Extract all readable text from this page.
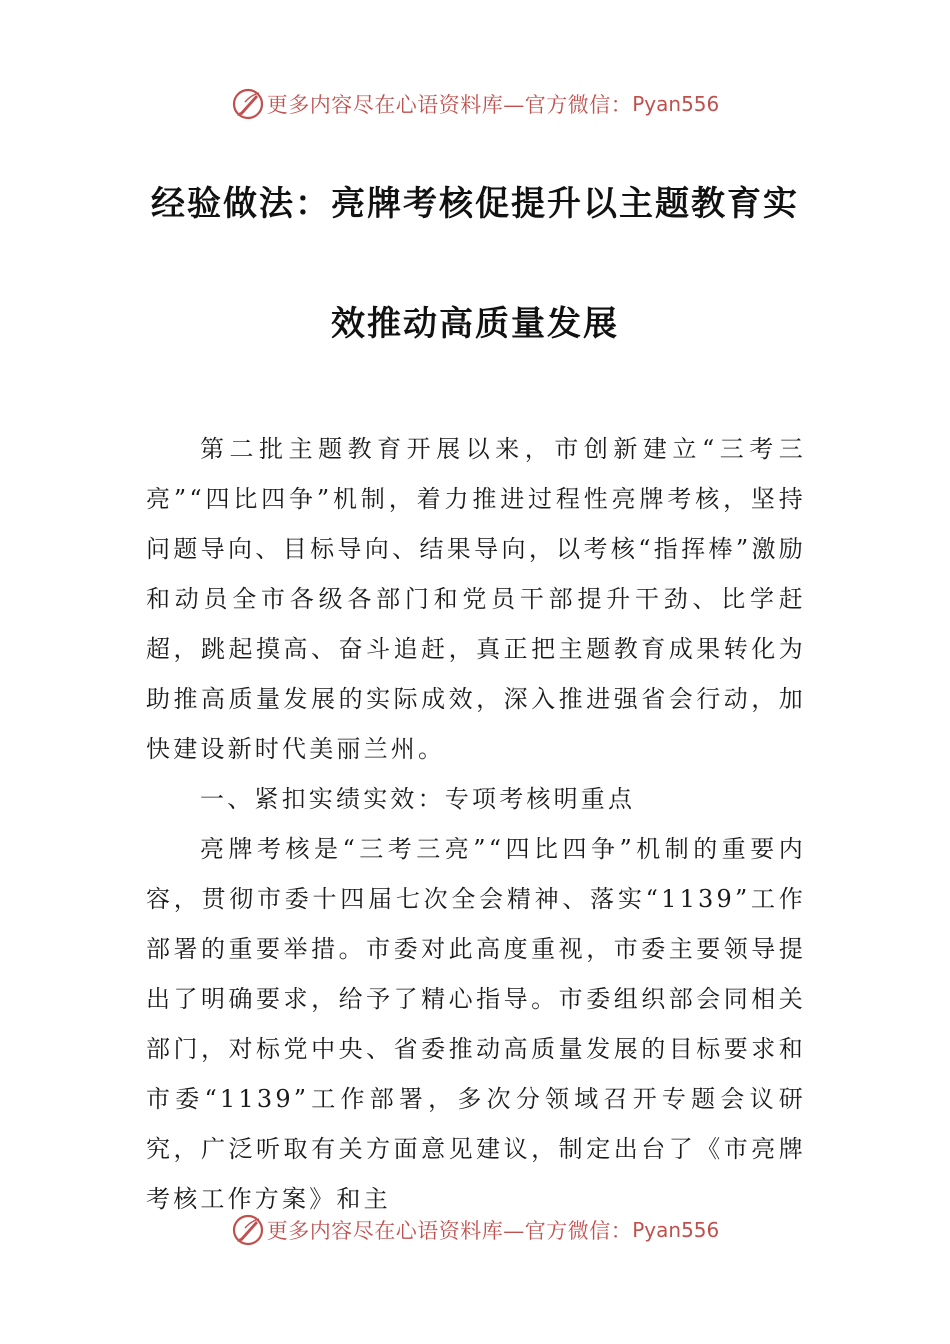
更多内容尽在心语资料库—官方微信： Pyan556
经验做法：亮牌考核促提升以主题教育实
效推动高质量发展

第二批主题教育开展以来，市创新建立“三考三亮”“四比四争”机制，着力推进过程性亮牌考核，坚持问题导向、目标导向、结果导向，以考核“指挥棒”激励和动员全市各级各部门和党员干部提升干劲、比学赶超，跳起摸高、奋斗追赶，真正把主题教育成果转化为助推高质量发展的实际成效，深入推进强省会行动，加快建设新时代美丽兰州。

一、紧扣实绩实效：专项考核明重点

亮牌考核是“三考三亮”“四比四争”机制的重要内容，贯彻市委十四届七次全会精神、落实“1139”工作部署的重要举措。市委对此高度重视，市委主要领导提出了明确要求，给予了精心指导。市委组织部会同相关部门，对标党中央、省委推动高质量发展的目标要求和市委“1139”工作部署，多次分领域召开专题会议研究，广泛听取有关方面意见建议，制定出台了《市亮牌考核工作方案》和主

更多内容尽在心语资料库—官方微信： Pyan556
